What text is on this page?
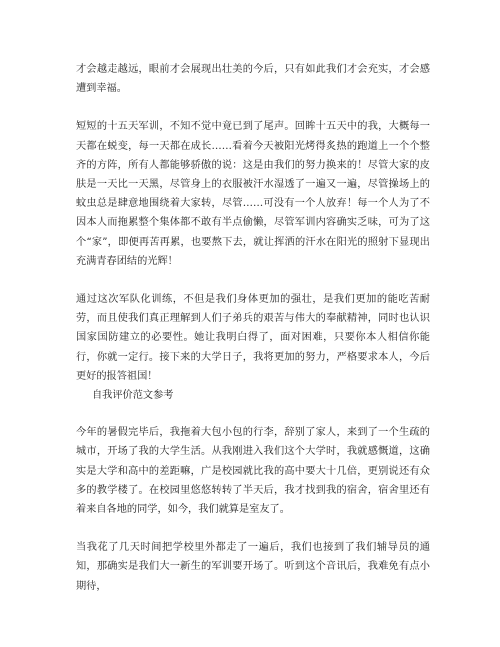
才会越走越远，眼前才会展现出壮美的今后，只有如此我们才会充实，才会感遭到幸福。

短短的十五天军训，不知不觉中竟已到了尾声。回眸十五天中的我，大概每一天都在蜕变，每一天都在成长……看着今天被阳光烤得炙热的跑道上一个个整齐的方阵，所有人都能够骄傲的说：这是由我们的努力换来的！尽管大家的皮肤是一天比一天黑，尽管身上的衣服被汗水湿透了一遍又一遍，尽管操场上的蚊虫总是肆意地围绕着大家转，尽管……可没有一个人放弃！每一个人为了不因本人而拖累整个集体都不敢有半点偷懒，尽管军训内容确实乏味，可为了这个“家”，即便再苦再累，也要熬下去，就让挥洒的汗水在阳光的照射下显现出充满青春团结的光辉！

通过这次军队化训练，不但是我们身体更加的强壮，是我们更加的能吃苦耐劳，而且使我们真正理解到人们子弟兵的艰苦与伟大的奉献精神，同时也认识国家国防建立的必要性。她让我明白得了，面对困难，只要你本人相信你能行，你就一定行。接下来的大学日子，我将更加的努力，严格要求本人，今后更好的报答祖国！

自我评价范文参考

今年的暑假完毕后，我拖着大包小包的行李，辞别了家人，来到了一个生疏的城市，开场了我的大学生活。从我刚进入我们这个大学时，我就感慨道，这确实是大学和高中的差距嘛，广是校园就比我的高中要大十几倍，更别说还有众多的教学楼了。在校园里悠悠转转了半天后，我才找到我的宿舍，宿舍里还有着来自各地的同学，如今，我们就算是室友了。

当我花了几天时间把学校里外都走了一遍后，我们也接到了我们辅导员的通知，那确实是我们大一新生的军训要开场了。听到这个音讯后，我难免有点小期待，
